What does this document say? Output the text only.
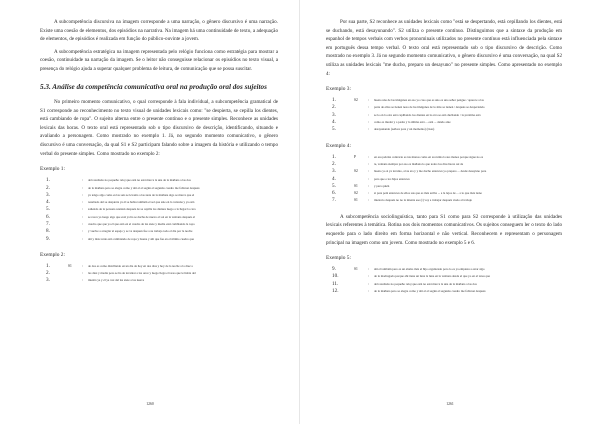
A subcompetência discursiva na imagem corresponde a uma narração, o gênero discursivo é uma narração. Existe uma coesão de elementos, dos episódios na narrativa. Na imagem há uma continuidade de texto, a adequação de elementos, de episódios é realizada em função do público-ouvinte a jovem.

A subcompetência estratégica na imagem representada pelo relógio funciona como estratégia para mostrar a coesão, continuidade na narração da imagem. Se o leitor não conseguisse relacionar os episódios no texto visual, a presença do relógio ajuda a superar qualquer problema de leitura, de comunicação que se possa suscitar.

5.3. Análise da competência comunicativa oral na produção oral dos sujeitos

No primeiro momento comunicativo, o qual corresponde à fala individual, a subcompetência gramatical de S1 corresponde ao reconhecimento no texto visual de unidades lexicais como: "se despierta, se cepilla los dientes, está cambiando de ropa". O sujeito alterna entre o presente contínuo e o presente simples. Reconhece as unidades lexicais das horas. O texto oral está representado sob o tipo discursivo de descrição, identificando, situando e avaliando a personagem. Como mostrado no exemplo 1. Já, no segundo momento comunicativo, o gênero discursivo é uma conversação, da qual S1 e S2 participam falando sobre a imagem da história e utilizando o tempo verbal do presente simples. Como mostrado no exemplo 2:

Exemplo 1:
1.		:	del resultado no pequeño reloj que está no está marca la una de la mañana a las dos
2.		:	de la mañana pero se alegra como y ahí el el según el segundo cuadro me fallaron después
3.		:	ya tengo algo como es las seis se levanta a las siete de la mañana algo se marca que el
4.		:	resultado del se despierta ya él se había también el sol que sale en la ventana y ya está
5.		:	saliendo de la persona reunían después de se cepilla los dientes luego a la llegar la cara
6.		:	se rasca ya luego algo que está ya ha se ducha de nuevo el sol en la ventana después el
7.		:	cuadro que que ya él que está en el cuadro de las siete y media está cambiando la ropa
8.		:	y vuelve a arreglar al espejo y se va después fue a su trabajo todo el día por la noche
9.		:	ahí y más tarde está cambiando de ropa y buena y ahí que fue en el último cuadro que
Exemplo 2:
1.	S1	:	de dos es como distribuido en un día de hoy en dos días y hoy de la noche a la diez a
2.		:	las diez y media pero se ha de levantar a las once y luego llegó el tarea que le había del
3.		:	intentó ya y él ya vez del las siete a las nueve
1260

Por sua parte, S2 reconhece as unidades lexicais como "está se despertando, está cepillando los dientes, está se duchando, está desayunando". S2 utiliza o presente contínuo. Distinguimos que a sintaxe da produção em espanhol de tempos verbais com verbos pronominais utilizados no presente contínuo está influenciada pela sintaxe em português dessa tempo verbal. O texto oral está representado sob o tipo discursivo de descrição. Como mostrado no exemplo 3. Já no segundo momento comunicativo, o gênero discursivo é uma conversação, na qual S2 utiliza as unidades lexicais "me ducho, preparo un desayuno" no presente simples. Como apresentado no exemplo 4:

Exemplo 3:
1.	S2	:	bueno una de las imágenes en eso yo creo que es uno es uno señor pengue / aparece a las
2.		:	parte de ellos se tienen nosa de las imágenes de lo más se tienen / después se despertando
3.		:	se lo en la otra está cepillando los dientes en la otra se está duchando / la próxima está
4.		:	como es mudar y a padre y la última está ... está ... dando ante
5.		:	desayunando (señora para y un momento) (risas)
Exemplo 4:
1.	P	:	en esa pelólas contrario es tus manos como en su rutina la sus manos porque sigue no es
2.		:	te, ventana siempre por eso es mañana lo que todos los días haces así de
3.	S2	:	bueno yo si ya levanto, al su ata y y me ducho entonces yo preparo ... desde desayuno para
4.		:	para que o los hijos entonces
5.	S1	:	y para quién
6.	S2	:	si para pelé entonces de ellos sus que es más arriba ... a la lejos de ... a lo que más tiene
7.	S1	:	intelecto después no no la intenta ese (r) voy a trabajar después vuelo al trabajo

A subcompetência sociolinguística, tanto para S1 como para S2 corresponde à utilização das unidades lexicais referentes à temática. Rotina nos dois momentos comunicativos. Os sujeitos conseguem ler o texto do lado esquerdo para o lado direito em forma horizontal e não vertical. Reconhecem e representam o personagem principal na imagem como um jovem. Como mostrado no exemplo 5 e 6.

Exemplo 5:
9.	S1	:	ahí el también pero es un alamo más el hijo organizado pero lo es ya empieza a estar algo
10.		:	de la madrugada porque ahí tiene un luna la luna en la ventana desde el que yo en el tarea que
11.		:	del resultado no pequeño reloj que está no está marca la una de la mañana a las dos
12.		:	de la mañana pero se alegra como y ahí el el según el segundo cuadro me fallaron después
1261
